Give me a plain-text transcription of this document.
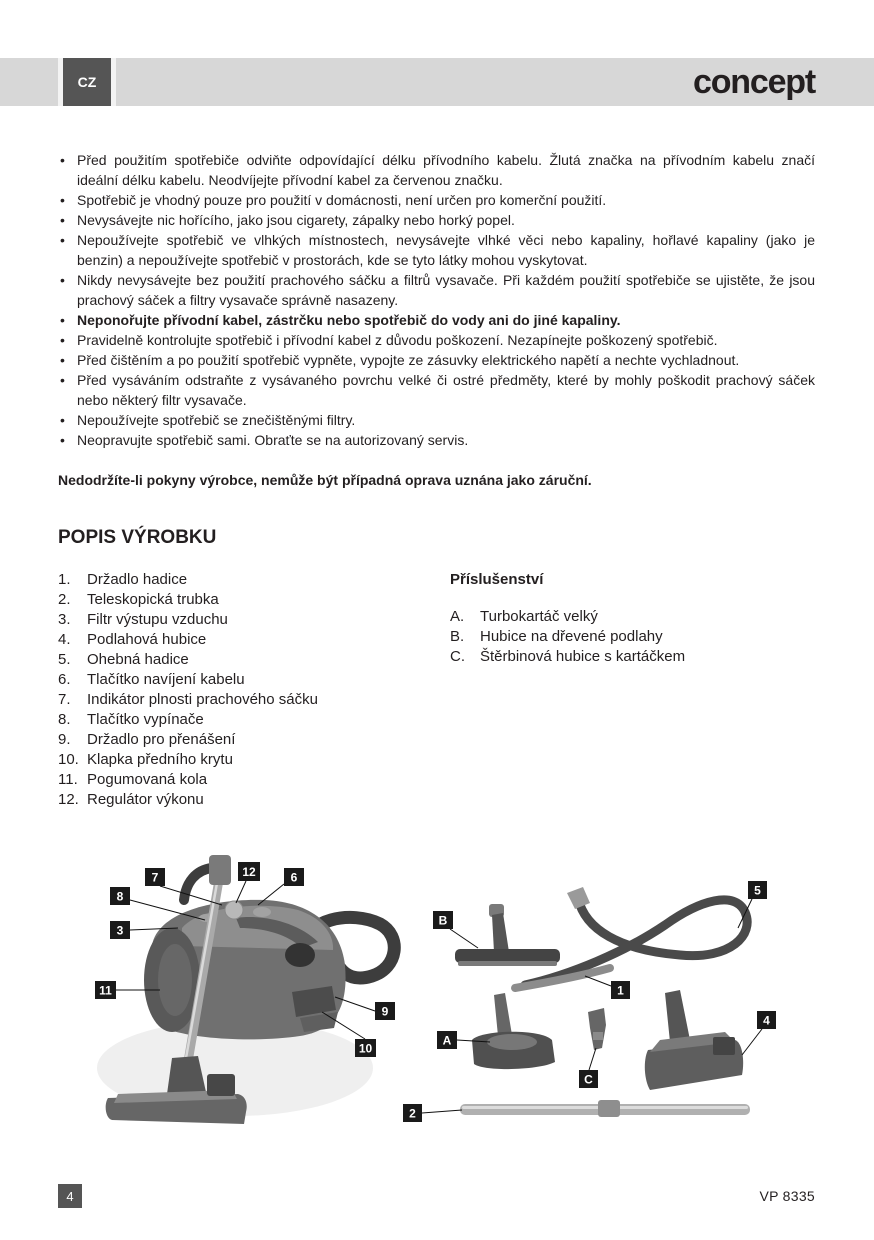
CZ	concept
• Před použitím spotřebiče odviňte odpovídající délku přívodního kabelu. Žlutá značka na přívodním kabelu značí
ideální délku kabelu. Neodvíjejte přívodní kabel za červenou značku.
• Spotřebič je vhodný pouze pro použití v domácnosti, není určen pro komerční použití.
• Nevysávejte nic hořícího, jako jsou cigarety, zápalky nebo horký popel.
• Nepoužívejte spotřebič ve vlhkých místnostech, nevysávejte vlhké věci nebo kapaliny, hořlavé kapaliny (jako je
benzin) a nepoužívejte spotřebič v prostorách, kde se tyto látky mohou vyskytovat.
• Nikdy nevysávejte bez použití prachového sáčku a filtrů vysavače. Při každém použití spotřebiče se ujistěte, že jsou
prachový sáček a filtry vysavače správně nasazeny.
• Neponořujte přívodní kabel, zástrčku nebo spotřebič do vody ani do jiné kapaliny.
• Pravidelně kontrolujte spotřebič i přívodní kabel z důvodu poškození. Nezapínejte poškozený spotřebič.
• Před čištěním a po použití spotřebič vypněte, vypojte ze zásuvky elektrického napětí a nechte vychladnout.
• Před vysáváním odstraňte z vysávaného povrchu velké či ostré předměty, které by mohly poškodit prachový sáček
nebo některý filtr vysavače.
• Nepoužívejte spotřebič se znečištěnými filtry.
• Neopravujte spotřebič sami. Obraťte se na autorizovaný servis.
Nedodržíte-li pokyny výrobce, nemůže být případná oprava uznána jako záruční.
POPIS VÝROBKU
1. Držadlo hadice
2. Teleskopická trubka
3. Filtr výstupu vzduchu
4. Podlahová hubice
5. Ohebná hadice
6. Tlačítko navíjení kabelu
7. Indikátor plnosti prachového sáčku
8. Tlačítko vypínače
9. Držadlo pro přenášení
10. Klapka předního krytu
11. Pogumovaná kola
12. Regulátor výkonu
Příslušenství
A. Turbokartáč velký
B. Hubice na dřevené podlahy
C. Štěrbinová hubice s kartáčkem
7	12	6
8
3
11
9
10
B
5
1
4
A
C
2
4	VP 8335
